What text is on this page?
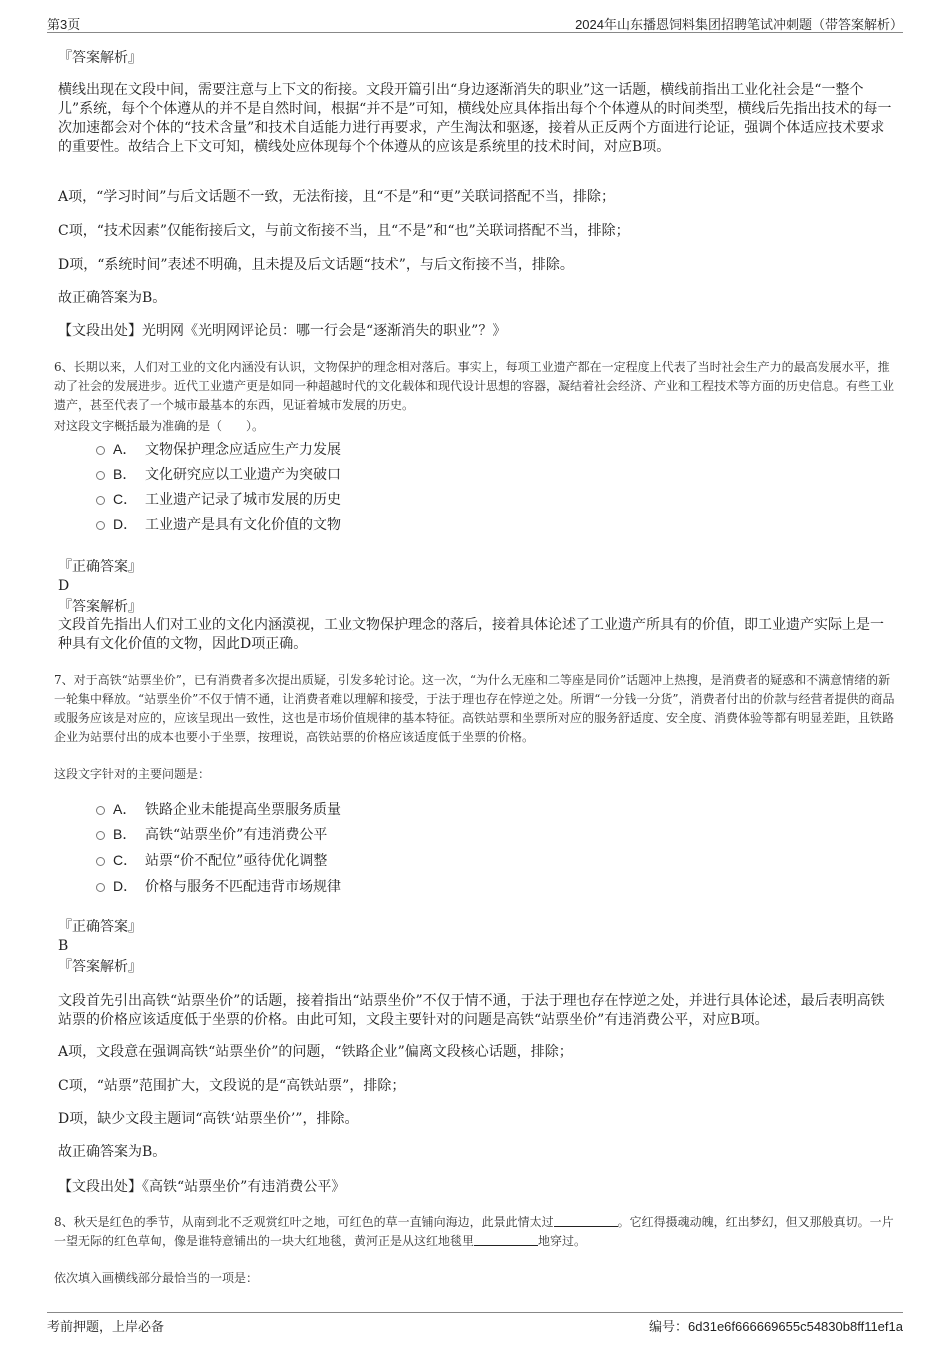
第3页	2024年山东播恩饲料集团招聘笔试冲刺题（带答案解析）
『答案解析』

横线出现在文段中间，需要注意与上下文的衔接。文段开篇引出“身边逐渐消失的职业”这一话题，横线前指出工业化社会是“一整个儿”系统，每个个体遵从的并不是自然时间，根据“并不是”可知，横线处应具体指出每个个体遵从的时间类型，横线后先指出技术的每一次加速都会对个体的“技术含量”和技术自适能力进行再要求，产生淘汰和驱逐，接着从正反两个方面进行论证，强调个体适应技术要求的重要性。故结合上下文可知，横线处应体现每个个体遵从的应该是系统里的技术时间，对应B项。

A项，“学习时间”与后文话题不一致，无法衔接，且“不是”和“更”关联词搭配不当，排除；

C项，“技术因素”仅能衔接后文，与前文衔接不当，且“不是”和“也”关联词搭配不当，排除；

D项，“系统时间”表述不明确，且未提及后文话题“技术”，与后文衔接不当，排除。

故正确答案为B。

【文段出处】光明网《光明网评论员：哪一行会是“逐渐消失的职业”？》

6、长期以来，人们对工业的文化内涵没有认识，文物保护的理念相对落后。事实上，每项工业遗产都在一定程度上代表了当时社会生产力的最高发展水平，推动了社会的发展进步。近代工业遗产更是如同一种超越时代的文化载体和现代设计思想的容器，凝结着社会经济、产业和工程技术等方面的历史信息。有些工业遗产，甚至代表了一个城市最基本的东西，见证着城市发展的历史。

对这段文字概括最为准确的是（　　）。

A． 文物保护理念应适应生产力发展
B． 文化研究应以工业遗产为突破口
C． 工业遗产记录了城市发展的历史
D． 工业遗产是具有文化价值的文物
『正确答案』
D
『答案解析』

文段首先指出人们对工业的文化内涵漠视，工业文物保护理念的落后，接着具体论述了工业遗产所具有的价值，即工业遗产实际上是一种具有文化价值的文物，因此D项正确。

7、对于高铁“站票坐价”，已有消费者多次提出质疑，引发多轮讨论。这一次，“为什么无座和二等座是同价”话题冲上热搜，是消费者的疑惑和不满意情绪的新一轮集中释放。“站票坐价”不仅于情不通，让消费者难以理解和接受，于法于理也存在悖逆之处。所谓“一分钱一分货”，消费者付出的价款与经营者提供的商品或服务应该是对应的，应该呈现出一致性，这也是市场价值规律的基本特征。高铁站票和坐票所对应的服务舒适度、安全度、消费体验等都有明显差距，且铁路企业为站票付出的成本也要小于坐票，按理说，高铁站票的价格应该适度低于坐票的价格。

这段文字针对的主要问题是：

A． 铁路企业未能提高坐票服务质量
B． 高铁“站票坐价”有违消费公平
C． 站票“价不配位”亟待优化调整
D． 价格与服务不匹配违背市场规律
『正确答案』
B
『答案解析』

文段首先引出高铁“站票坐价”的话题，接着指出“站票坐价”不仅于情不通，于法于理也存在悖逆之处，并进行具体论述，最后表明高铁站票的价格应该适度低于坐票的价格。由此可知，文段主要针对的问题是高铁“站票坐价”有违消费公平，对应B项。

A项，文段意在强调高铁“站票坐价”的问题，“铁路企业”偏离文段核心话题，排除；

C项，“站票”范围扩大，文段说的是“高铁站票”，排除；

D项，缺少文段主题词“高铁‘站票坐价’”，排除。

故正确答案为B。

【文段出处】《高铁“站票坐价”有违消费公平》

8、秋天是红色的季节，从南到北不乏观赏红叶之地，可红色的草一直铺向海边，此景此情太过	。它红得摄魂动魄，红出梦幻，但又那般真切。一片一望无际的红色草甸，像是谁特意铺出的一块大红地毯，黄河正是从这红地毯里	地穿过。

依次填入画横线部分最恰当的一项是：

考前押题，上岸必备	编号：6d31e6f666669655c54830b8ff11ef1a
